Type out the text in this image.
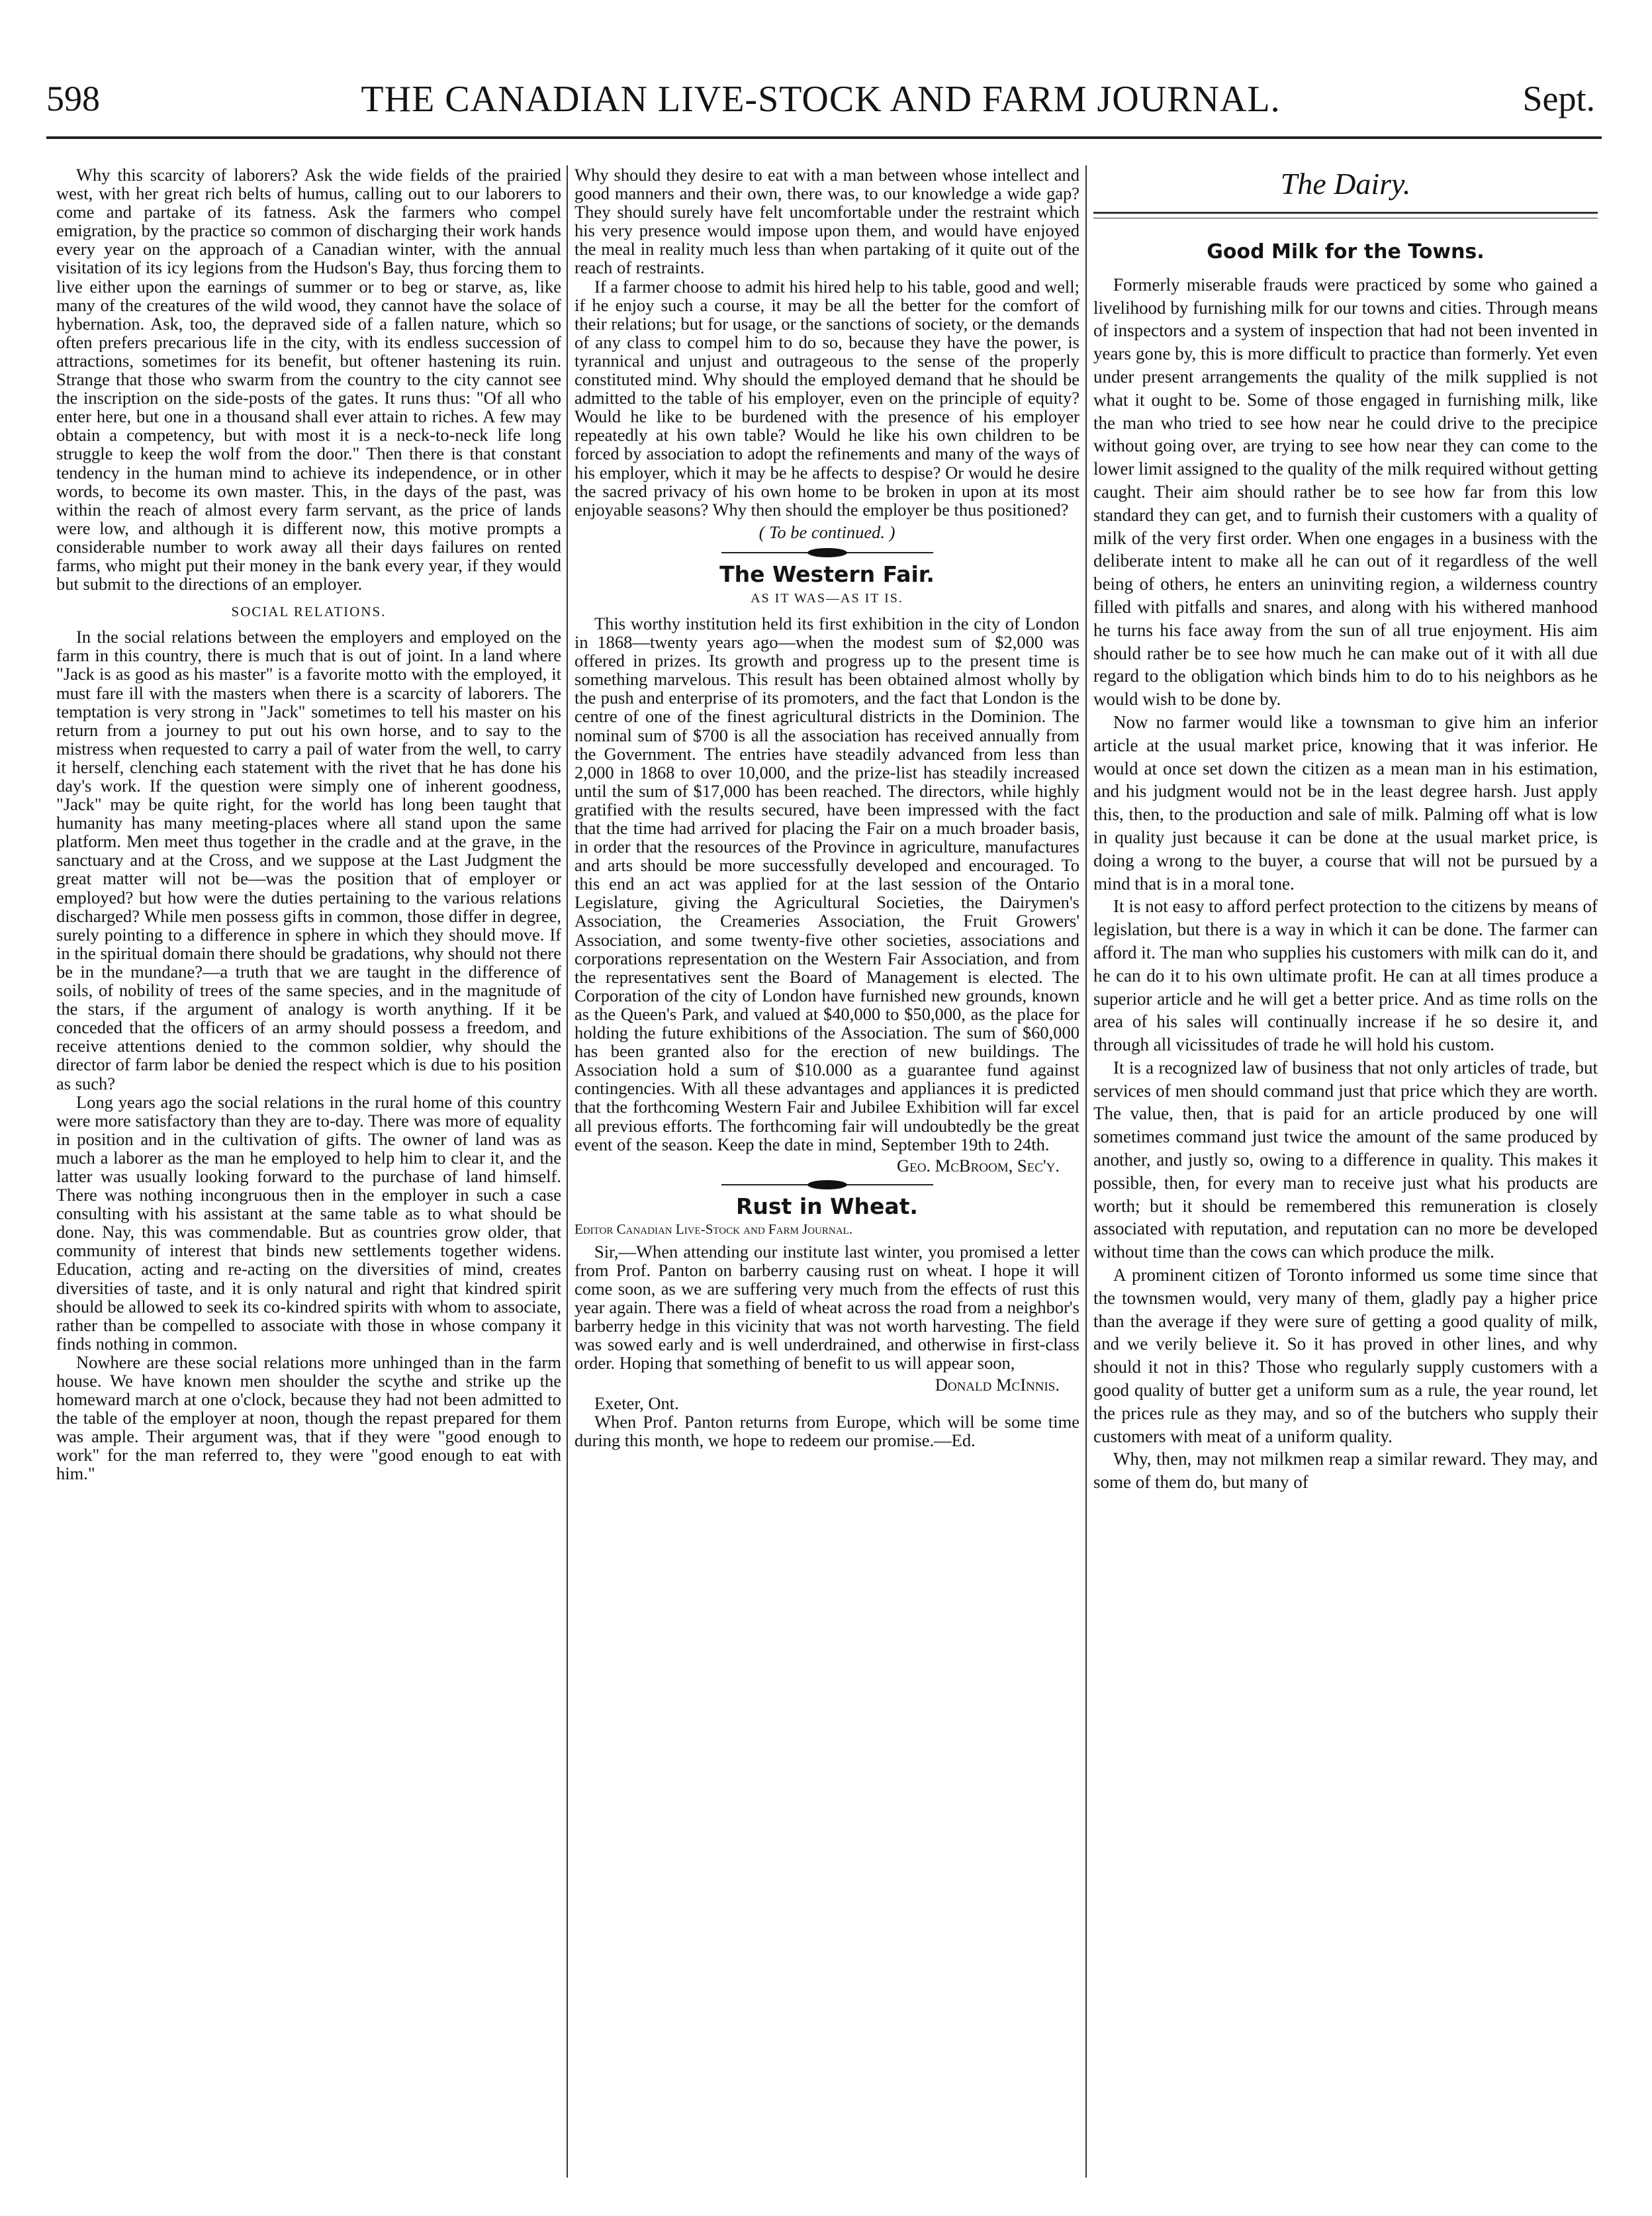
598	THE CANADIAN LIVE-STOCK AND FARM JOURNAL.	Sept.

Why this scarcity of laborers? Ask the wide fields of the prairied west, with her great rich belts of humus, calling out to our laborers to come and partake of its fatness. Ask the farmers who compel emigration, by the practice so common of discharging their work hands every year on the approach of a Canadian winter, with the annual visitation of its icy legions from the Hudson's Bay, thus forcing them to live either upon the earnings of summer or to beg or starve, as, like many of the creatures of the wild wood, they cannot have the solace of hybernation. Ask, too, the depraved side of a fallen nature, which so often prefers precarious life in the city, with its endless succession of attractions, sometimes for its benefit, but oftener hastening its ruin. Strange that those who swarm from the country to the city cannot see the inscription on the side-posts of the gates. It runs thus: "Of all who enter here, but one in a thousand shall ever attain to riches. A few may obtain a competency, but with most it is a neck-to-neck life long struggle to keep the wolf from the door." Then there is that constant tendency in the human mind to achieve its independence, or in other words, to become its own master. This, in the days of the past, was within the reach of almost every farm servant, as the price of lands were low, and although it is different now, this motive prompts a considerable number to work away all their days failures on rented farms, who might put their money in the bank every year, if they would but submit to the directions of an employer.

SOCIAL RELATIONS.

In the social relations between the employers and employed on the farm in this country, there is much that is out of joint. In a land where "Jack is as good as his master" is a favorite motto with the employed, it must fare ill with the masters when there is a scarcity of laborers. The temptation is very strong in "Jack" sometimes to tell his master on his return from a journey to put out his own horse, and to say to the mistress when requested to carry a pail of water from the well, to carry it herself, clenching each statement with the rivet that he has done his day's work. If the question were simply one of inherent goodness, "Jack" may be quite right, for the world has long been taught that humanity has many meeting-places where all stand upon the same platform. Men meet thus together in the cradle and at the grave, in the sanctuary and at the Cross, and we suppose at the Last Judgment the great matter will not be—was the position that of employer or employed? but how were the duties pertaining to the various relations discharged? While men possess gifts in common, those differ in degree, surely pointing to a difference in sphere in which they should move. If in the spiritual domain there should be gradations, why should not there be in the mundane?—a truth that we are taught in the difference of soils, of nobility of trees of the same species, and in the magnitude of the stars, if the argument of analogy is worth anything. If it be conceded that the officers of an army should possess a freedom, and receive attentions denied to the common soldier, why should the director of farm labor be denied the respect which is due to his position as such?

Long years ago the social relations in the rural home of this country were more satisfactory than they are to-day. There was more of equality in position and in the cultivation of gifts. The owner of land was as much a laborer as the man he employed to help him to clear it, and the latter was usually looking forward to the purchase of land himself. There was nothing incongruous then in the employer in such a case consulting with his assistant at the same table as to what should be done. Nay, this was commendable. But as countries grow older, that community of interest that binds new settlements together widens. Education, acting and re-acting on the diversities of mind, creates diversities of taste, and it is only natural and right that kindred spirit should be allowed to seek its co-kindred spirits with whom to associate, rather than be compelled to associate with those in whose company it finds nothing in common.

Nowhere are these social relations more unhinged than in the farm house. We have known men shoulder the scythe and strike up the homeward march at one o'clock, because they had not been admitted to the table of the employer at noon, though the repast prepared for them was ample. Their argument was, that if they were "good enough to work" for the man referred to, they were "good enough to eat with him."

Why should they desire to eat with a man between whose intellect and good manners and their own, there was, to our knowledge a wide gap? They should surely have felt uncomfortable under the restraint which his very presence would impose upon them, and would have enjoyed the meal in reality much less than when partaking of it quite out of the reach of restraints.

If a farmer choose to admit his hired help to his table, good and well; if he enjoy such a course, it may be all the better for the comfort of their relations; but for usage, or the sanctions of society, or the demands of any class to compel him to do so, because they have the power, is tyrannical and unjust and outrageous to the sense of the properly constituted mind. Why should the employed demand that he should be admitted to the table of his employer, even on the principle of equity? Would he like to be burdened with the presence of his employer repeatedly at his own table? Would he like his own children to be forced by association to adopt the refinements and many of the ways of his employer, which it may be he affects to despise? Or would he desire the sacred privacy of his own home to be broken in upon at its most enjoyable seasons? Why then should the employer be thus positioned?

( To be continued. )
The Western Fair.
AS IT WAS—AS IT IS.

This worthy institution held its first exhibition in the city of London in 1868—twenty years ago—when the modest sum of $2,000 was offered in prizes. Its growth and progress up to the present time is something marvelous. This result has been obtained almost wholly by the push and enterprise of its promoters, and the fact that London is the centre of one of the finest agricultural districts in the Dominion. The nominal sum of $700 is all the association has received annually from the Government. The entries have steadily advanced from less than 2,000 in 1868 to over 10,000, and the prize-list has steadily increased until the sum of $17,000 has been reached. The directors, while highly gratified with the results secured, have been impressed with the fact that the time had arrived for placing the Fair on a much broader basis, in order that the resources of the Province in agriculture, manufactures and arts should be more successfully developed and encouraged. To this end an act was applied for at the last session of the Ontario Legislature, giving the Agricultural Societies, the Dairymen's Association, the Creameries Association, the Fruit Growers' Association, and some twenty-five other societies, associations and corporations representation on the Western Fair Association, and from the representatives sent the Board of Management is elected. The Corporation of the city of London have furnished new grounds, known as the Queen's Park, and valued at $40,000 to $50,000, as the place for holding the future exhibitions of the Association. The sum of $60,000 has been granted also for the erection of new buildings. The Association hold a sum of $10.000 as a guarantee fund against contingencies. With all these advantages and appliances it is predicted that the forthcoming Western Fair and Jubilee Exhibition will far excel all previous efforts. The forthcoming fair will undoubtedly be the great event of the season. Keep the date in mind, September 19th to 24th.

Geo. McBroom, Sec'y.
Rust in Wheat.
Editor Canadian Live-Stock and Farm Journal.

Sir,—When attending our institute last winter, you promised a letter from Prof. Panton on barberry causing rust on wheat. I hope it will come soon, as we are suffering very much from the effects of rust this year again. There was a field of wheat across the road from a neighbor's barberry hedge in this vicinity that was not worth harvesting. The field was sowed early and is well underdrained, and otherwise in first-class order. Hoping that something of benefit to us will appear soon,

Donald McInnis.

Exeter, Ont.

When Prof. Panton returns from Europe, which will be some time during this month, we hope to redeem our promise.—Ed.

The Dairy.
Good Milk for the Towns.

Formerly miserable frauds were practiced by some who gained a livelihood by furnishing milk for our towns and cities. Through means of inspectors and a system of inspection that had not been invented in years gone by, this is more difficult to practice than formerly. Yet even under present arrangements the quality of the milk supplied is not what it ought to be. Some of those engaged in furnishing milk, like the man who tried to see how near he could drive to the precipice without going over, are trying to see how near they can come to the lower limit assigned to the quality of the milk required without getting caught. Their aim should rather be to see how far from this low standard they can get, and to furnish their customers with a quality of milk of the very first order. When one engages in a business with the deliberate intent to make all he can out of it regardless of the well being of others, he enters an uninviting region, a wilderness country filled with pitfalls and snares, and along with his withered manhood he turns his face away from the sun of all true enjoyment. His aim should rather be to see how much he can make out of it with all due regard to the obligation which binds him to do to his neighbors as he would wish to be done by.

Now no farmer would like a townsman to give him an inferior article at the usual market price, knowing that it was inferior. He would at once set down the citizen as a mean man in his estimation, and his judgment would not be in the least degree harsh. Just apply this, then, to the production and sale of milk. Palming off what is low in quality just because it can be done at the usual market price, is doing a wrong to the buyer, a course that will not be pursued by a mind that is in a moral tone.

It is not easy to afford perfect protection to the citizens by means of legislation, but there is a way in which it can be done. The farmer can afford it. The man who supplies his customers with milk can do it, and he can do it to his own ultimate profit. He can at all times produce a superior article and he will get a better price. And as time rolls on the area of his sales will continually increase if he so desire it, and through all vicissitudes of trade he will hold his custom.

It is a recognized law of business that not only articles of trade, but services of men should command just that price which they are worth. The value, then, that is paid for an article produced by one will sometimes command just twice the amount of the same produced by another, and justly so, owing to a difference in quality. This makes it possible, then, for every man to receive just what his products are worth; but it should be remembered this remuneration is closely associated with reputation, and reputation can no more be developed without time than the cows can which produce the milk.

A prominent citizen of Toronto informed us some time since that the townsmen would, very many of them, gladly pay a higher price than the average if they were sure of getting a good quality of milk, and we verily believe it. So it has proved in other lines, and why should it not in this? Those who regularly supply customers with a good quality of butter get a uniform sum as a rule, the year round, let the prices rule as they may, and so of the butchers who supply their customers with meat of a uniform quality.

Why, then, may not milkmen reap a similar reward. They may, and some of them do, but many of
